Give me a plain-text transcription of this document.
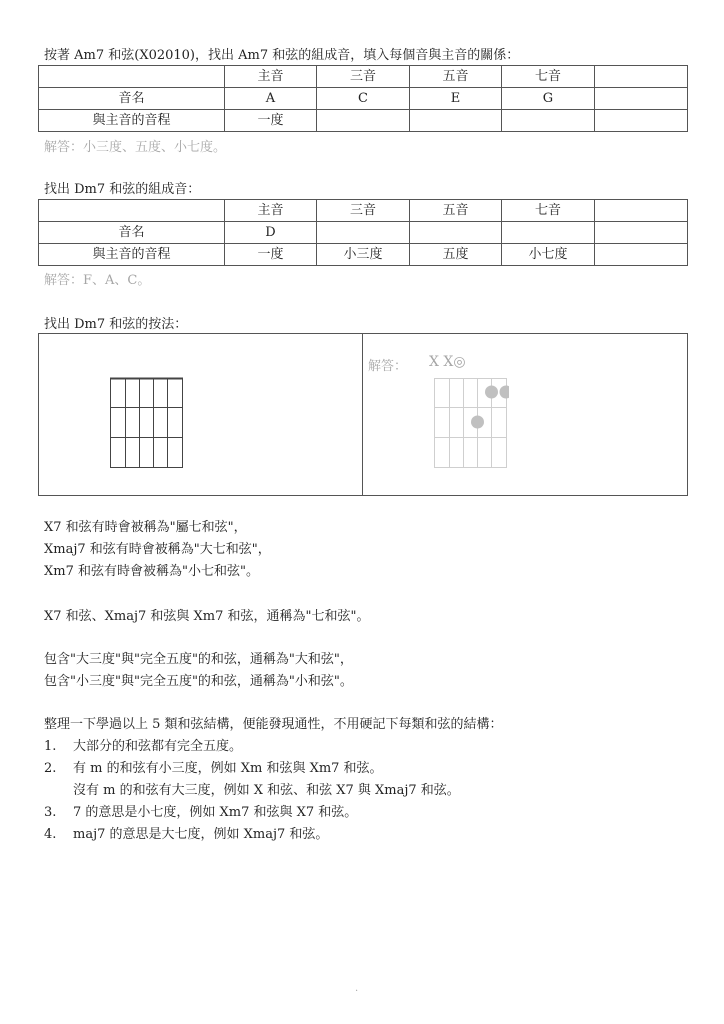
按著 Am7 和弦(X02010)，找出 Am7 和弦的組成音，填入每個音與主音的關係：
	主音	三音	五音	七音	
音名	A	C	E	G	
與主音的音程	一度				
解答：小三度、五度、小七度。
找出 Dm7 和弦的組成音：
	主音	三音	五音	七音	
音名	D				
與主音的音程	一度	小三度	五度	小七度	
解答：F、A、C。
找出 Dm7 和弦的按法：
解答： X X◎
X7 和弦有時會被稱為"屬七和弦"，
Xmaj7 和弦有時會被稱為"大七和弦"，
Xm7 和弦有時會被稱為"小七和弦"。
X7 和弦、Xmaj7 和弦與 Xm7 和弦，通稱為"七和弦"。
包含"大三度"與"完全五度"的和弦，通稱為"大和弦"，
包含"小三度"與"完全五度"的和弦，通稱為"小和弦"。
整理一下學過以上 5 類和弦結構，便能發現通性，不用硬記下每類和弦的結構：
1.	大部分的和弦都有完全五度。
2.	有 m 的和弦有小三度，例如 Xm 和弦與 Xm7 和弦。
沒有 m 的和弦有大三度，例如 X 和弦、和弦 X7 與 Xmaj7 和弦。
3.	7 的意思是小七度，例如 Xm7 和弦與 X7 和弦。
4.	maj7 的意思是大七度，例如 Xmaj7 和弦。
.
